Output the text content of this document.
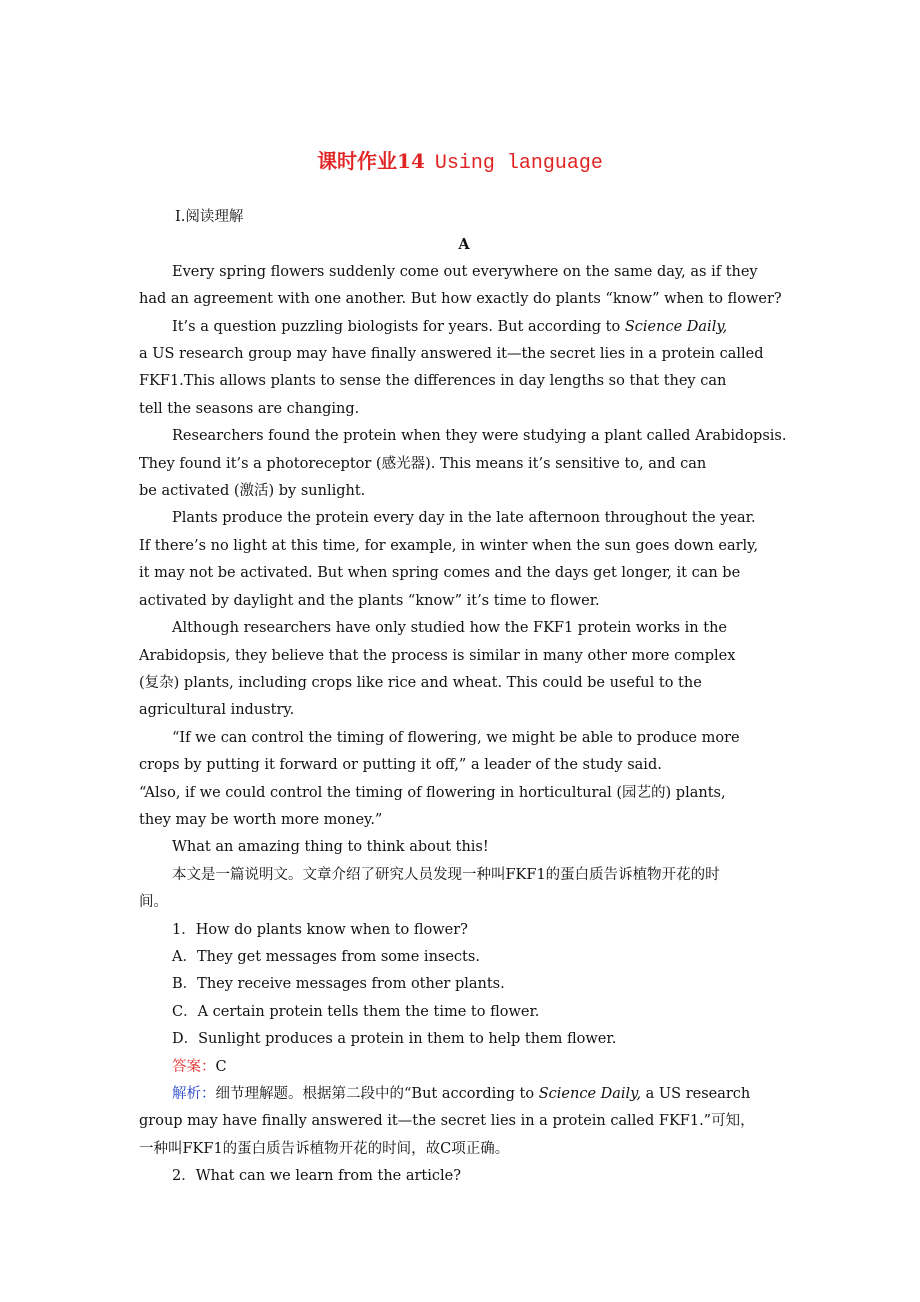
课时作业14 Using language
Ⅰ.阅读理解
A
Every spring flowers suddenly come out everywhere on the same day, as if they
had an agreement with one another. But how exactly do plants “know” when to flower?
It’s a question puzzling biologists for years. But according to Science Daily,
a US research group may have finally answered it—the secret lies in a protein called
FKF1.This allows plants to sense the differences in day lengths so that they can
tell the seasons are changing.
Researchers found the protein when they were studying a plant called Arabidopsis.
They found it’s a photoreceptor (感光器). This means it’s sensitive to, and can
be activated (激活) by sunlight.
Plants produce the protein every day in the late afternoon throughout the year.
If there’s no light at this time, for example, in winter when the sun goes down early,
it may not be activated. But when spring comes and the days get longer, it can be
activated by daylight and the plants “know” it’s time to flower.
Although researchers have only studied how the FKF1 protein works in the
Arabidopsis, they believe that the process is similar in many other more complex
(复杂) plants, including crops like rice and wheat. This could be useful to the
agricultural industry.
“If we can control the timing of flowering, we might be able to produce more
crops by putting it forward or putting it off,” a leader of the study said.
“Also, if we could control the timing of flowering in horticultural (园艺的) plants,
they may be worth more money.”
What an amazing thing to think about this!
本文是一篇说明文。文章介绍了研究人员发现一种叫FKF1的蛋白质告诉植物开花的时
间。
1．How do plants know when to flower?
A．They get messages from some insects.
B．They receive messages from other plants.
C．A certain protein tells them the time to flower.
D．Sunlight produces a protein in them to help them flower.
答案：C
解析：细节理解题。根据第二段中的“But according to Science Daily, a US research
group may have finally answered it—the secret lies in a protein called FKF1.”可知，
一种叫FKF1的蛋白质告诉植物开花的时间，故C项正确。
2．What can we learn from the article?
